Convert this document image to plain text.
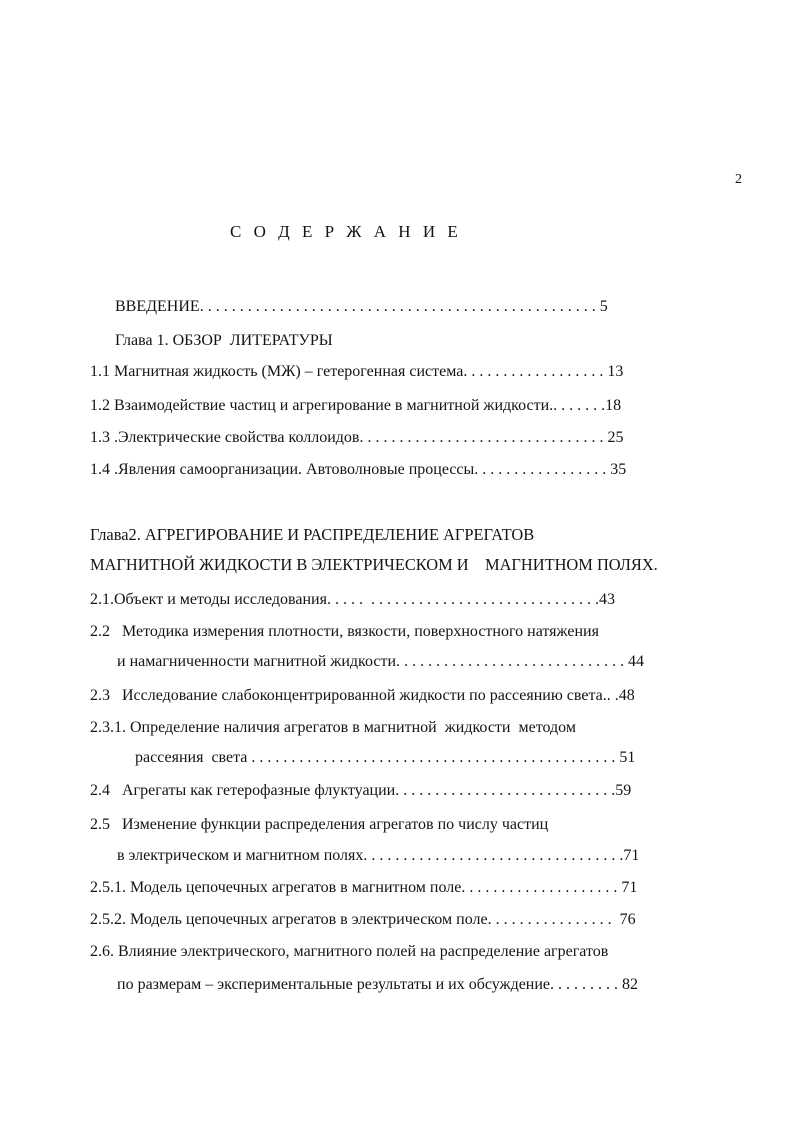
2
С О Д Е Р Ж А Н И Е
ВВЕДЕНИЕ. . . . . . . . . . . . . . . . . . . . . . . . . . . . . . . . . . . . . . . . . . . . . . . . . . 5
Глава 1. ОБЗОР  ЛИТЕРАТУРЫ
1.1 Магнитная жидкость (МЖ) – гетерогенная система. . . . . . . . . . . . . . . . . . 13
1.2 Взаимодействие частиц и агрегирование в магнитной жидкости.. . . . . . .18
1.3 .Электрические свойства коллоидов. . . . . . . . . . . . . . . . . . . . . . . . . . . . . . . 25
1.4 .Явления самоорганизации. Автоволновые процессы. . . . . . . . . . . . . . . . . 35
Глава2. АГРЕГИРОВАНИЕ И РАСПРЕДЕЛЕНИЕ АГРЕГАТОВ
МАГНИТНОЙ ЖИДКОСТИ В ЭЛЕКТРИЧЕСКОМ И    МАГНИТНОМ ПОЛЯХ.
2.1.Объект и методы исследования. . . . .  . . . . . . . . . . . . . . . . . . . . . . . . . . . . .43
2.2   Методика измерения плотности, вязкости, поверхностного натяжения
и намагниченности магнитной жидкости. . . . . . . . . . . . . . . . . . . . . . . . . . . . . 44
2.3   Исследование слабоконцентрированной жидкости по рассеянию света.. .48
2.3.1. Определение наличия агрегатов в магнитной  жидкости  методом
рассеяния  света . . . . . . . . . . . . . . . . . . . . . . . . . . . . . . . . . . . . . . . . . . . . . . 51
2.4   Агрегаты как гетерофазные флуктуации. . . . . . . . . . . . . . . . . . . . . . . . . . . .59
2.5   Изменение функции распределения агрегатов по числу частиц
в электрическом и магнитном полях. . . . . . . . . . . . . . . . . . . . . . . . . . . . . . . . .71
2.5.1. Модель цепочечных агрегатов в магнитном поле. . . . . . . . . . . . . . . . . . . . 71
2.5.2. Модель цепочечных агрегатов в электрическом поле. . . . . . . . . . . . . . . .  76
2.6. Влияние электрического, магнитного полей на распределение агрегатов
по размерам – экспериментальные результаты и их обсуждение. . . . . . . . . 82
